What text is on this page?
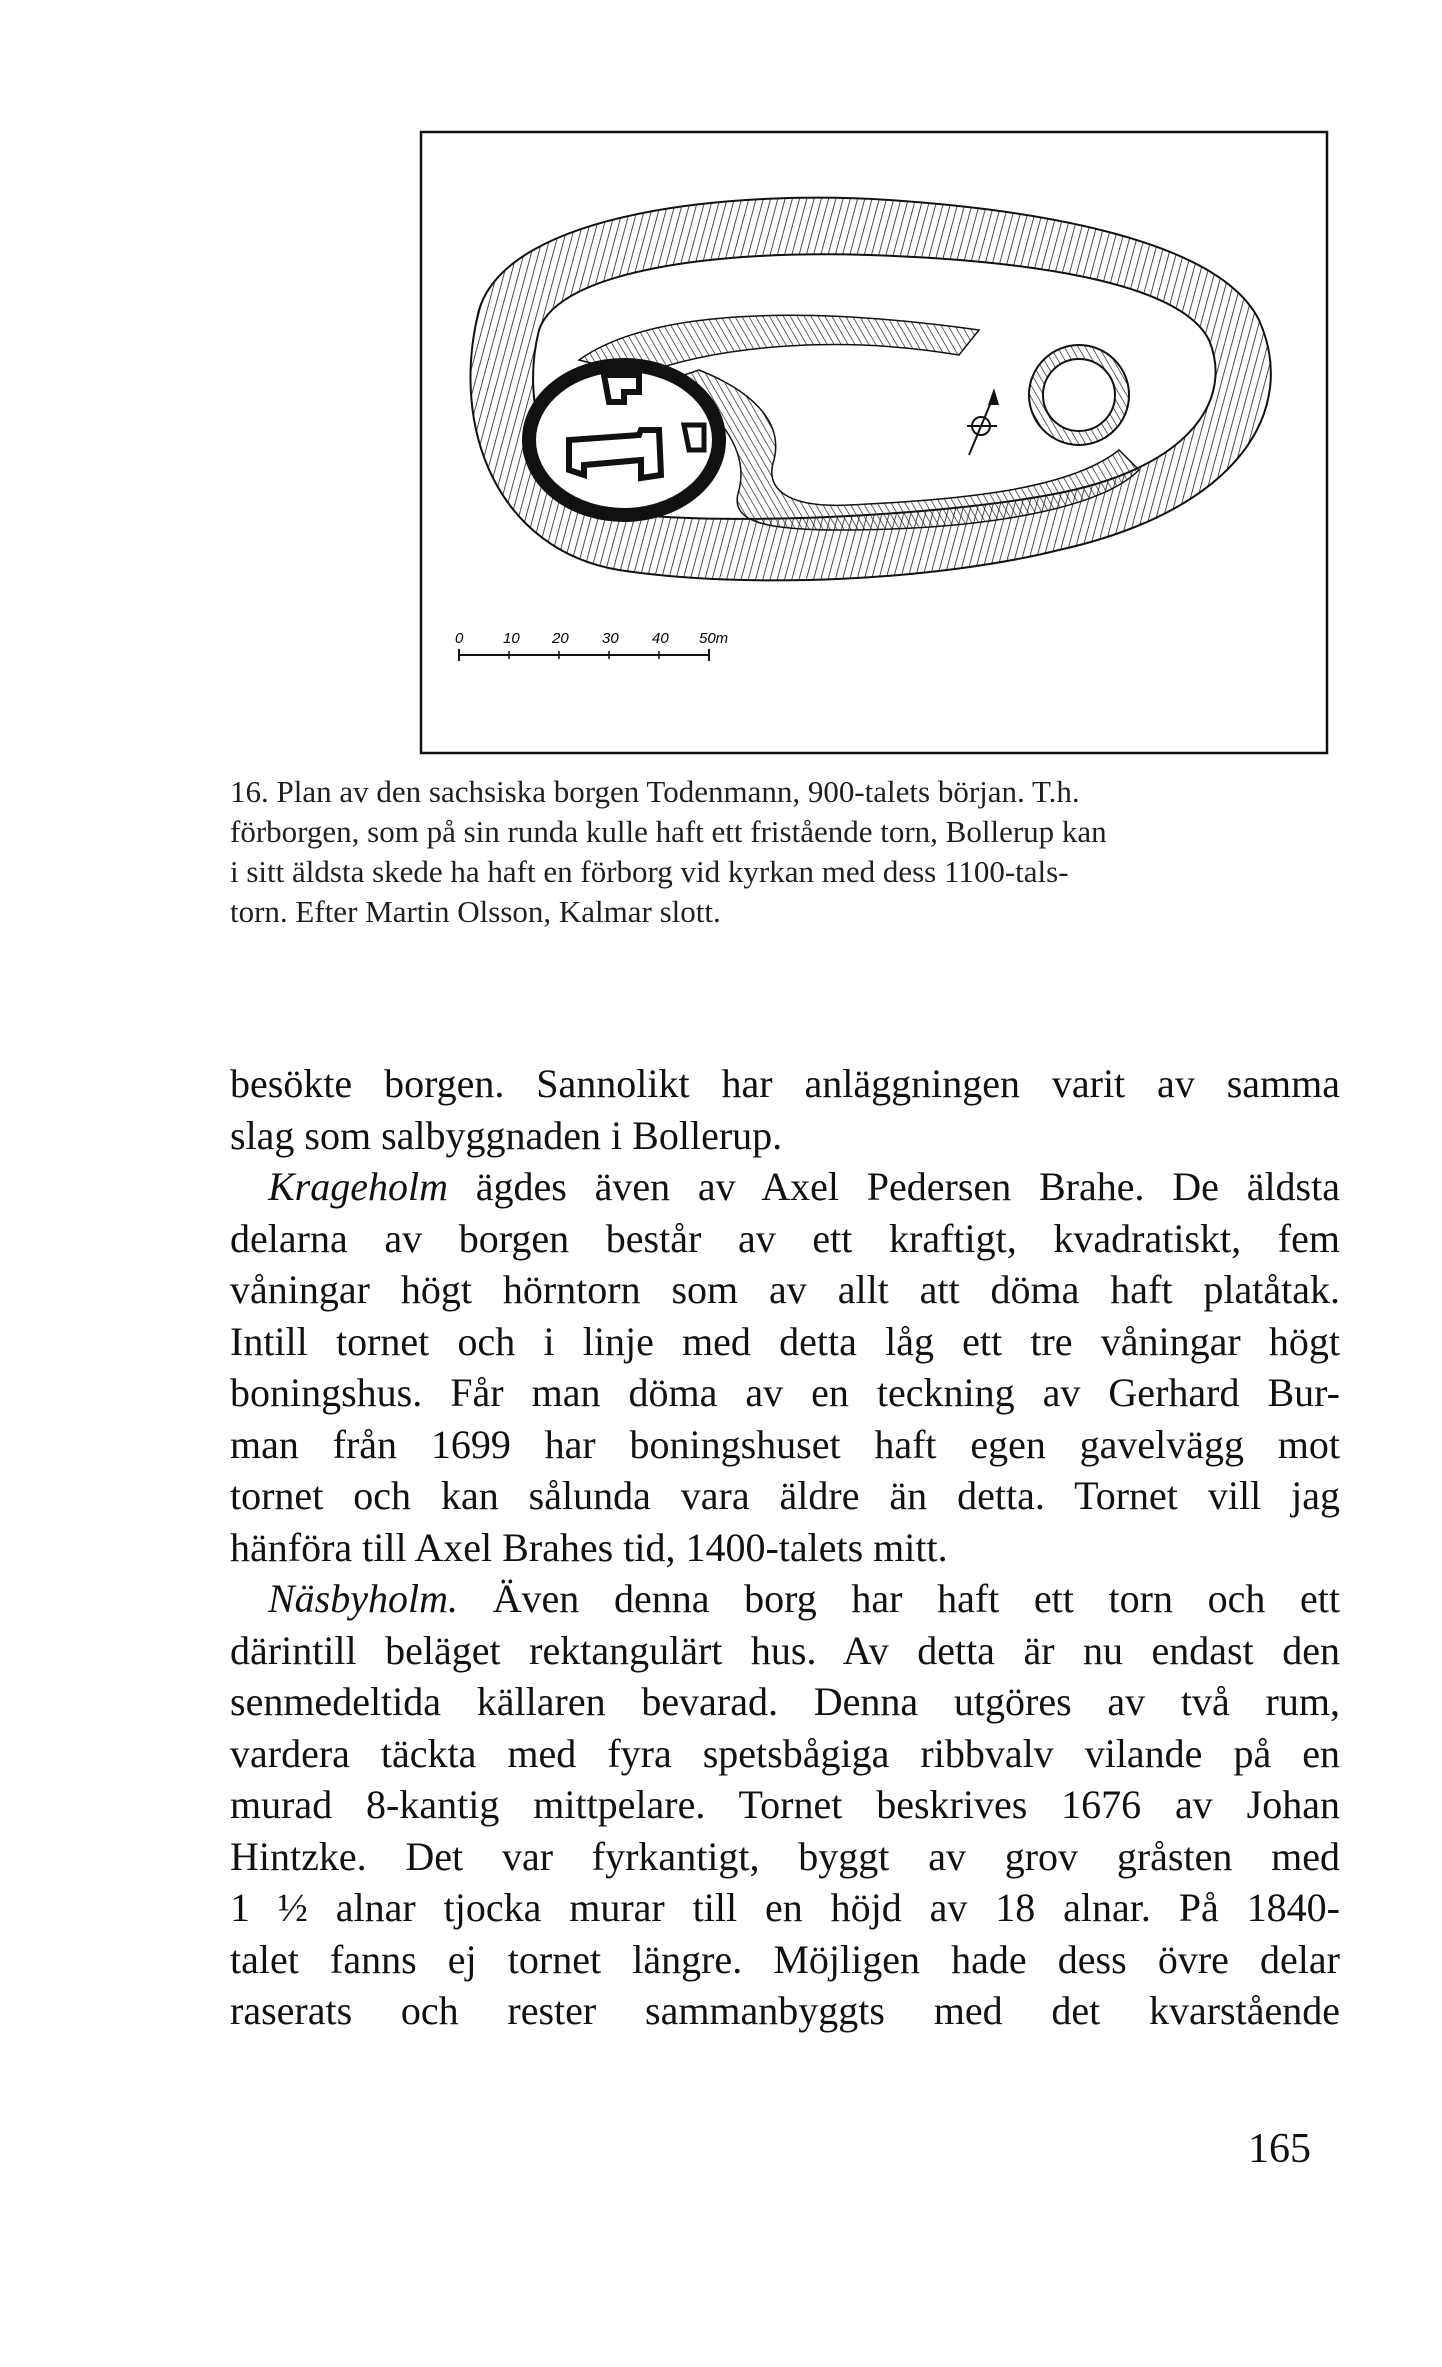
0	10 20 30 40 50m
16. Plan av den sachsiska borgen Todenmann, 900-talets början. T.h.
förborgen, som på sin runda kulle haft ett fristående torn, Bollerup kan
i sitt äldsta skede ha haft en förborg vid kyrkan med dess 1100-tals-
torn. Efter Martin Olsson, Kalmar slott.
besökte borgen. Sannolikt har anläggningen varit av samma
slag som salbyggnaden i Bollerup.
Krageholm ägdes även av Axel Pedersen Brahe. De äldsta
delarna av borgen består av ett kraftigt, kvadratiskt, fem
våningar högt hörntorn som av allt att döma haft platåtak.
Intill tornet och i linje med detta låg ett tre våningar högt
boningshus. Får man döma av en teckning av Gerhard Bur-
man från 1699 har boningshuset haft egen gavelvägg mot
tornet och kan sålunda vara äldre än detta. Tornet vill jag
hänföra till Axel Brahes tid, 1400-talets mitt.
Näsbyholm. Även denna borg har haft ett torn och ett
därintill beläget rektangulärt hus. Av detta är nu endast den
senmedeltida källaren bevarad. Denna utgöres av två rum,
vardera täckta med fyra spetsbågiga ribbvalv vilande på en
murad 8-kantig mittpelare. Tornet beskrives 1676 av Johan
Hintzke. Det var fyrkantigt, byggt av grov gråsten med
1 ½ alnar tjocka murar till en höjd av 18 alnar. På 1840-
talet fanns ej tornet längre. Möjligen hade dess övre delar
raserats och rester sammanbyggts med det kvarstående
165
